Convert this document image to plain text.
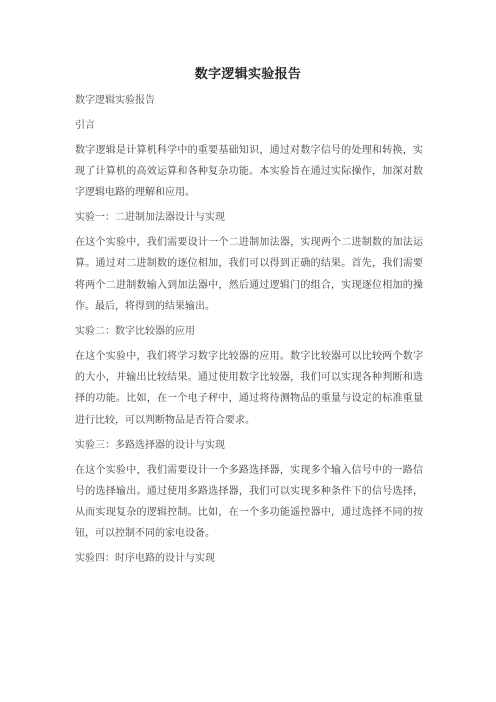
数字逻辑实验报告
数字逻辑实验报告
引言
数字逻辑是计算机科学中的重要基础知识，通过对数字信号的处理和转换，实现了计算机的高效运算和各种复杂功能。本实验旨在通过实际操作，加深对数字逻辑电路的理解和应用。
实验一：二进制加法器设计与实现
在这个实验中，我们需要设计一个二进制加法器，实现两个二进制数的加法运算。通过对二进制数的逐位相加，我们可以得到正确的结果。首先，我们需要将两个二进制数输入到加法器中，然后通过逻辑门的组合，实现逐位相加的操作。最后，将得到的结果输出。
实验二：数字比较器的应用
在这个实验中，我们将学习数字比较器的应用。数字比较器可以比较两个数字的大小，并输出比较结果。通过使用数字比较器，我们可以实现各种判断和选择的功能。比如，在一个电子秤中，通过将待测物品的重量与设定的标准重量进行比较，可以判断物品是否符合要求。
实验三：多路选择器的设计与实现
在这个实验中，我们需要设计一个多路选择器，实现多个输入信号中的一路信号的选择输出。通过使用多路选择器，我们可以实现多种条件下的信号选择，从而实现复杂的逻辑控制。比如，在一个多功能遥控器中，通过选择不同的按钮，可以控制不同的家电设备。
实验四：时序电路的设计与实现
